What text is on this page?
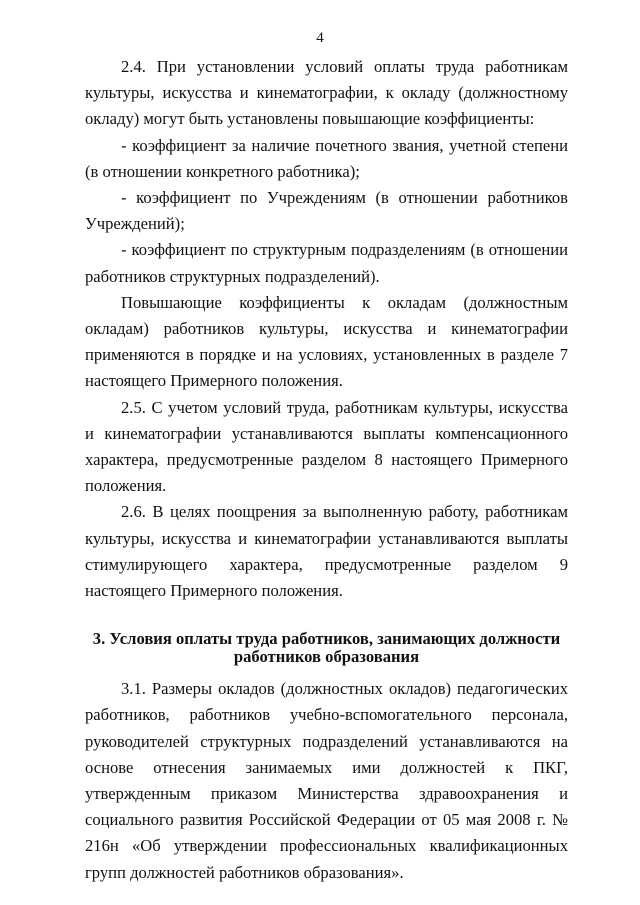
4

2.4. При установлении условий оплаты труда работникам культуры, искусства и кинематографии, к окладу (должностному окладу) могут быть установлены повышающие коэффициенты:

- коэффициент за наличие почетного звания, учетной степени (в отношении конкретного работника);

- коэффициент по Учреждениям (в отношении работников Учреждений);

- коэффициент по структурным подразделениям (в отношении работников структурных подразделений).

Повышающие коэффициенты к окладам (должностным окладам) работников культуры, искусства и кинематографии применяются в порядке и на условиях, установленных в разделе 7 настоящего Примерного положения.

2.5. С учетом условий труда, работникам культуры, искусства и кинематографии устанавливаются выплаты компенсационного характера, предусмотренные разделом 8 настоящего Примерного положения.

2.6. В целях поощрения за выполненную работу, работникам культуры, искусства и кинематографии устанавливаются выплаты стимулирующего характера, предусмотренные разделом 9 настоящего Примерного положения.

3. Условия оплаты труда работников, занимающих должности
работников образования

3.1. Размеры окладов (должностных окладов) педагогических работников, работников учебно-вспомогательного персонала, руководителей структурных подразделений устанавливаются на основе отнесения занимаемых ими должностей к ПКГ, утвержденным приказом Министерства здравоохранения и социального развития Российской Федерации от 05 мая 2008 г. № 216н «Об утверждении профессиональных квалификационных групп должностей работников образования».
